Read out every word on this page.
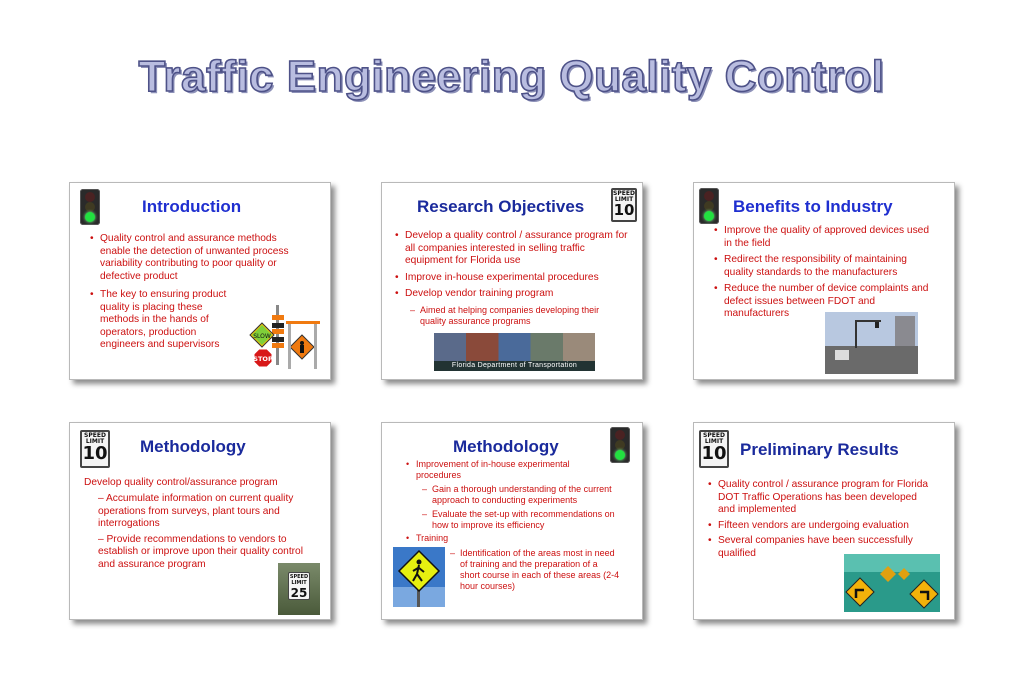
Traffic Engineering Quality Control
Introduction
• Quality control and assurance methods enable the detection of unwanted process variability contributing to poor quality or defective product
• The key to ensuring product quality is placing these methods in the hands of operators, production engineers and supervisors
SLOW
STOP
Research Objectives
SPEED LIMIT
10
• Develop a quality control / assurance program for all companies interested in selling traffic equipment for Florida use
• Improve in-house experimental procedures
• Develop vendor training program
– Aimed at helping companies developing their quality assurance programs
Florida Department of Transportation
Benefits to Industry
• Improve the quality of approved devices used in the field
• Redirect the responsibility of maintaining quality standards to the manufacturers
• Reduce the number of device complaints and defect issues between FDOT and manufacturers
SPEED LIMIT
10 Methodology
Develop quality control/assurance program
– Accumulate information on current quality operations from surveys, plant tours and interrogations
– Provide recommendations to vendors to establish or improve upon their quality control and assurance program
SPEED LIMIT
25
Methodology
• Improvement of in-house experimental procedures
– Gain a thorough understanding of the current approach to conducting experiments
– Evaluate the set-up with recommendations on how to improve its efficiency
• Training
– Identification of the areas most in need of training and the preparation of a short course in each of these areas (2-4 hour courses)
SPEED LIMIT
10 Preliminary Results
• Quality control / assurance program for Florida DOT Traffic Operations has been developed and implemented
• Fifteen vendors are undergoing evaluation
• Several companies have been successfully qualified
